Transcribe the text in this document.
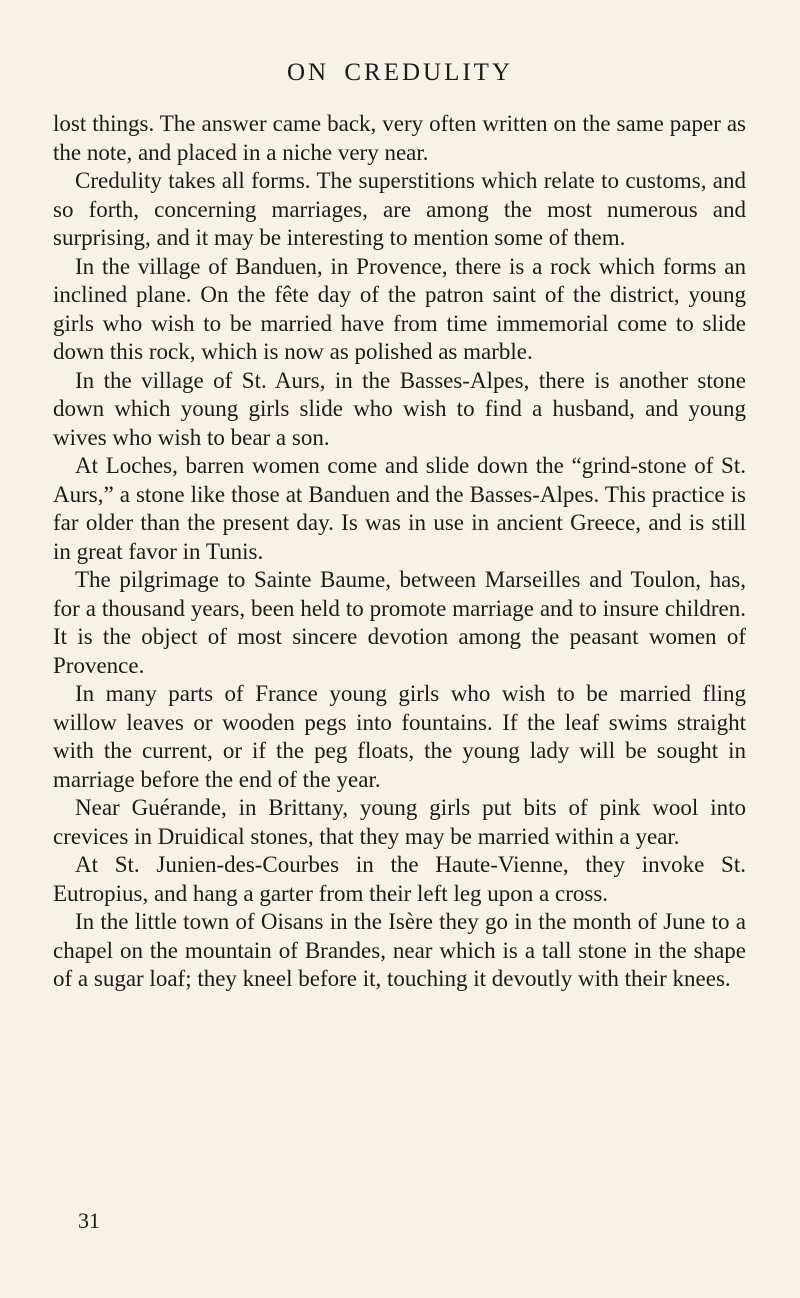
ON CREDULITY

lost things. The answer came back, very often written on the same paper as the note, and placed in a niche very near.

Credulity takes all forms. The superstitions which relate to customs, and so forth, concerning marriages, are among the most numerous and surprising, and it may be interesting to mention some of them.

In the village of Banduen, in Provence, there is a rock which forms an inclined plane. On the fête day of the patron saint of the district, young girls who wish to be married have from time immemorial come to slide down this rock, which is now as polished as marble.

In the village of St. Aurs, in the Basses-Alpes, there is another stone down which young girls slide who wish to find a husband, and young wives who wish to bear a son.

At Loches, barren women come and slide down the “grind-stone of St. Aurs,” a stone like those at Banduen and the Basses-Alpes. This practice is far older than the present day. Is was in use in ancient Greece, and is still in great favor in Tunis.

The pilgrimage to Sainte Baume, between Marseilles and Toulon, has, for a thousand years, been held to promote marriage and to insure children. It is the object of most sincere devotion among the peasant women of Provence.

In many parts of France young girls who wish to be married fling willow leaves or wooden pegs into fountains. If the leaf swims straight with the current, or if the peg floats, the young lady will be sought in marriage before the end of the year.

Near Guérande, in Brittany, young girls put bits of pink wool into crevices in Druidical stones, that they may be married within a year.

At St. Junien-des-Courbes in the Haute-Vienne, they invoke St. Eutropius, and hang a garter from their left leg upon a cross.

In the little town of Oisans in the Isère they go in the month of June to a chapel on the mountain of Brandes, near which is a tall stone in the shape of a sugar loaf; they kneel before it, touching it devoutly with their knees.

31
